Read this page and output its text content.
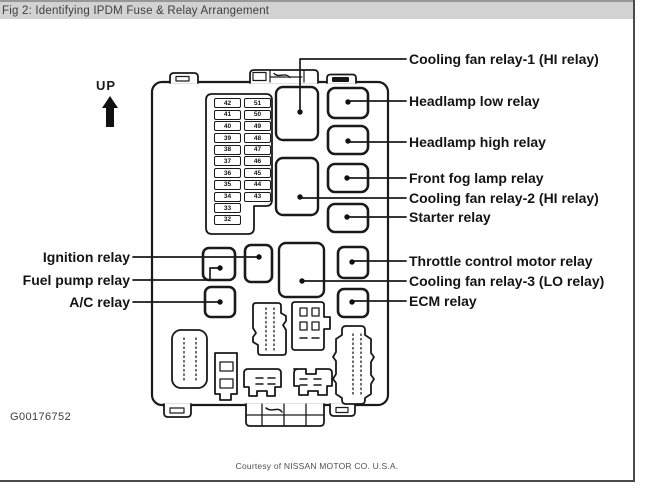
Fig 2: Identifying IPDM Fuse & Relay Arrangement
UP
42
41
40
39
38
37
36
35
34
33
32
51
50
49
48
47
46
45
44
43
Cooling fan relay-1 (HI relay)
Headlamp low relay
Headlamp high relay
Front fog lamp relay
Cooling fan relay-2 (HI relay)
Starter relay
Throttle control motor relay
Cooling fan relay-3 (LO relay)
ECM relay
Ignition relay
Fuel pump relay
A/C relay
G00176752
Courtesy of NISSAN MOTOR CO. U.S.A.
